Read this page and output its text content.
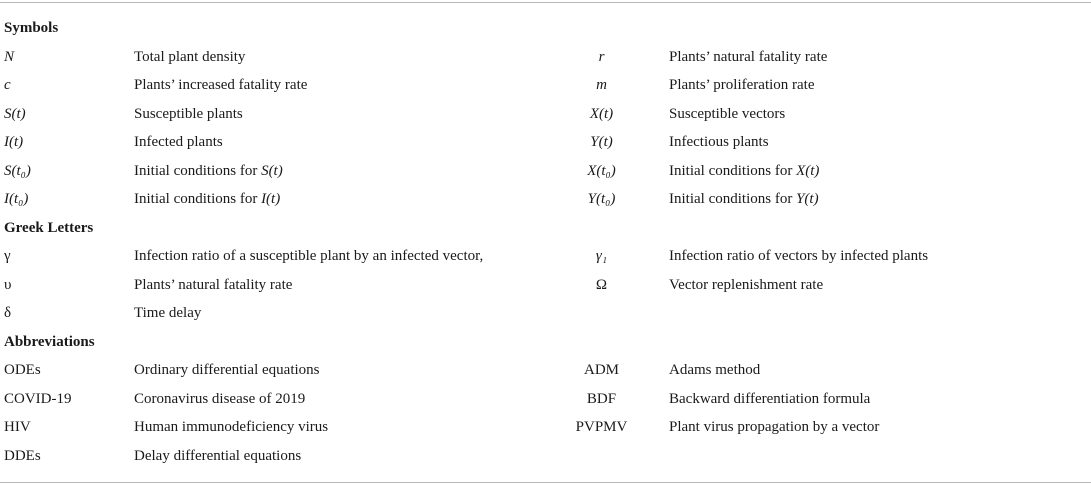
Symbols			
N	Total plant density	r	Plants’ natural fatality rate
c	Plants’ increased fatality rate	m	Plants’ proliferation rate
S(t)	Susceptible plants	X(t)	Susceptible vectors
I(t)	Infected plants	Y(t)	Infectious plants
S(t₀)	Initial conditions for S(t)	X(t₀)	Initial conditions for X(t)
I(t₀)	Initial conditions for I(t)	Y(t₀)	Initial conditions for Y(t)
Greek Letters			
γ	Infection ratio of a susceptible plant by an infected vector,	γ₁	Infection ratio of vectors by infected plants
υ	Plants’ natural fatality rate	Ω	Vector replenishment rate
δ	Time delay		
Abbreviations			
ODEs	Ordinary differential equations	ADM	Adams method
COVID-19	Coronavirus disease of 2019	BDF	Backward differentiation formula
HIV	Human immunodeficiency virus	PVPMV	Plant virus propagation by a vector
DDEs	Delay differential equations		
